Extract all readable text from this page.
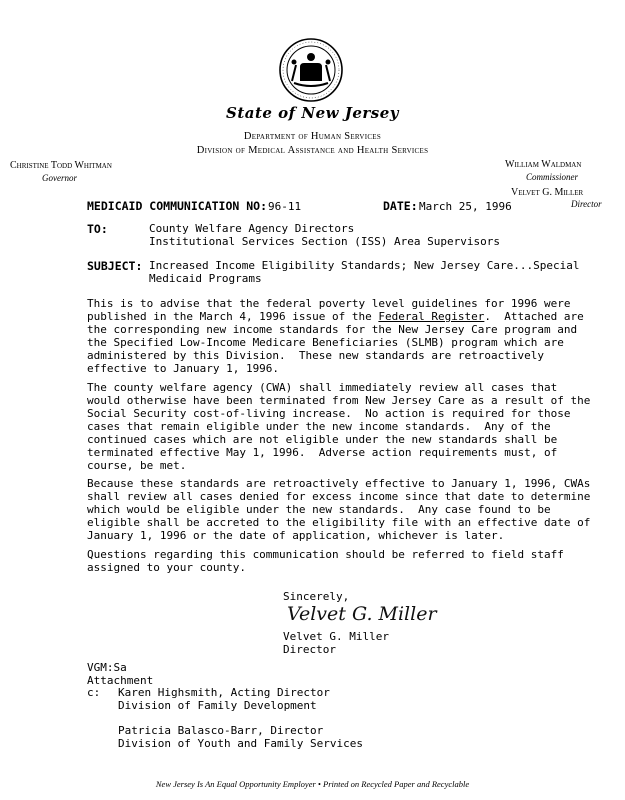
State of New Jersey
Department of Human Services
Division of Medical Assistance and Health Services
Christine Todd Whitman
Governor
William Waldman
Commissioner
Velvet G. Miller
Director
MEDICAID COMMUNICATION NO: 96-11	DATE: March 25, 1996
TO:	County Welfare Agency Directors
Institutional Services Section (ISS) Area Supervisors
SUBJECT: Increased Income Eligibility Standards; New Jersey Care...Special
Medicaid Programs
This is to advise that the federal poverty level guidelines for 1996 were
published in the March 4, 1996 issue of the Federal Register.  Attached are
the corresponding new income standards for the New Jersey Care program and
the Specified Low-Income Medicare Beneficiaries (SLMB) program which are
administered by this Division.  These new standards are retroactively
effective to January 1, 1996.
The county welfare agency (CWA) shall immediately review all cases that
would otherwise have been terminated from New Jersey Care as a result of the
Social Security cost-of-living increase.  No action is required for those
cases that remain eligible under the new income standards.  Any of the
continued cases which are not eligible under the new standards shall be
terminated effective May 1, 1996.  Adverse action requirements must, of
course, be met.
Because these standards are retroactively effective to January 1, 1996, CWAs
shall review all cases denied for excess income since that date to determine
which would be eligible under the new standards.  Any case found to be
eligible shall be accreted to the eligibility file with an effective date of
January 1, 1996 or the date of application, whichever is later.
Questions regarding this communication should be referred to field staff
assigned to your county.
Sincerely,
Velvet G. Miller
Velvet G. Miller
Director
VGM:Sa
Attachment
c: Karen Highsmith, Acting Director
Division of Family Development
Patricia Balasco-Barr, Director
Division of Youth and Family Services
New Jersey Is An Equal Opportunity Employer • Printed on Recycled Paper and Recyclable
